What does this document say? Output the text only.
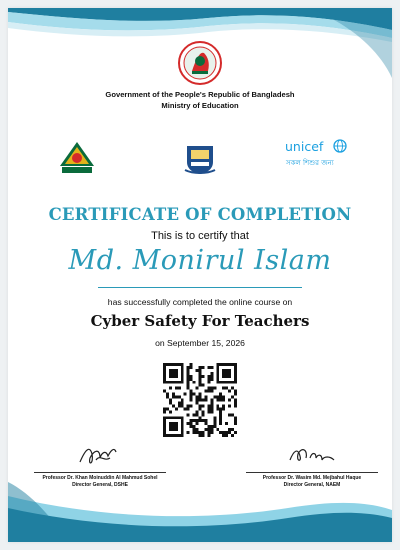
Government of the People's Republic of Bangladesh
Ministry of Education
unicef
সকল শিশুর জন্য
CERTIFICATE OF COMPLETION
This is to certify that
Md. Monirul Islam
has successfully completed the online course on
Cyber Safety For Teachers
on September 15, 2026
Professor Dr. Khan Moinuddin Al Mahmud Sohel
Director General, DSHE
Professor Dr. Wasim Md. Mejbahul Haque
Director General, NAEM
